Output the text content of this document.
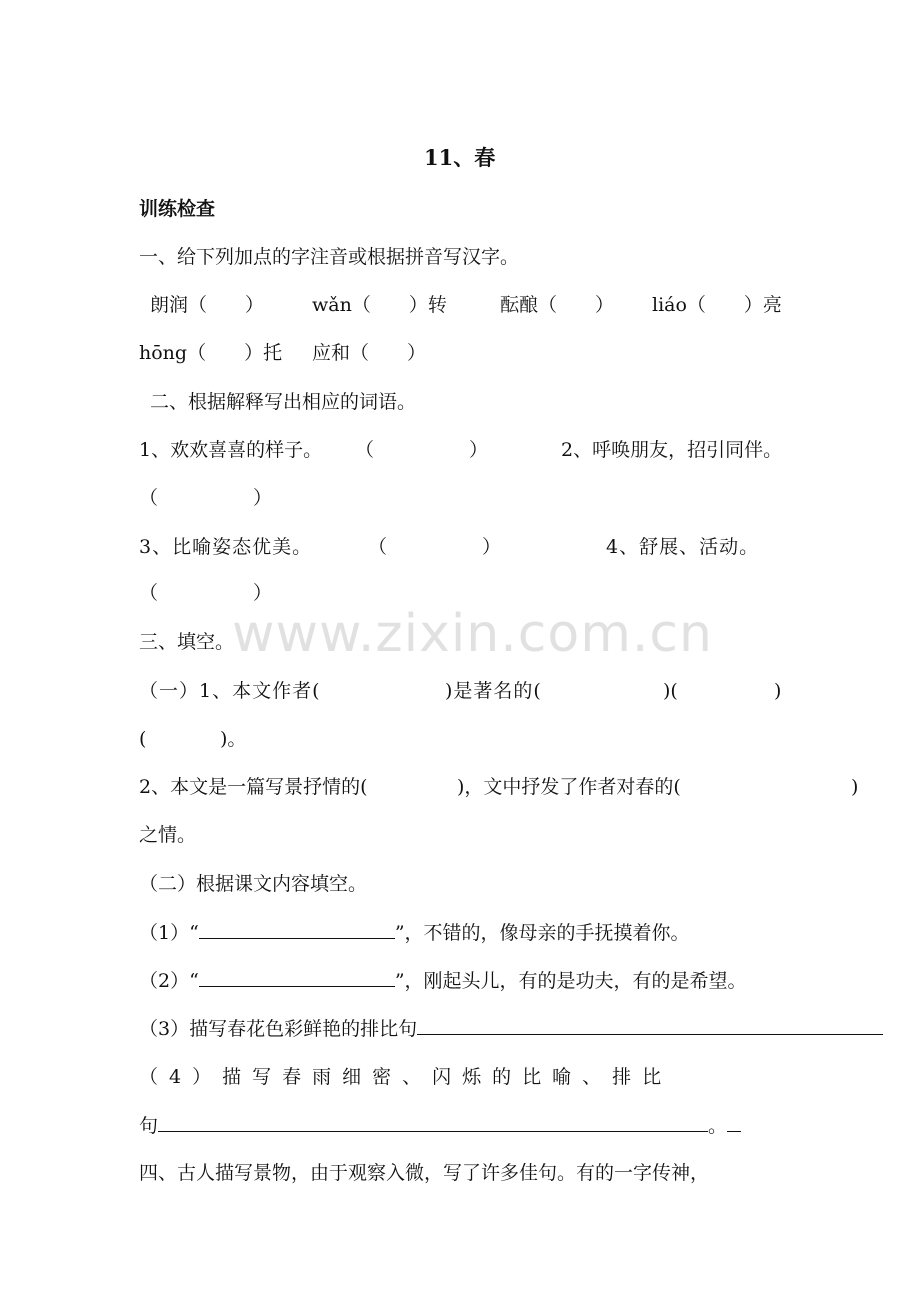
11、春
训练检查
一、给下列加点的字注音或根据拼音写汉字。
朗润（　　）	wǎn（　　）转	酝酿（　　） liáo（　　）亮
hōng（　　）托 应和（　　）
二、根据解释写出相应的词语。
1、欢欢喜喜的样子。 （　　　　　）	2、呼唤朋友，招引同伴。
（　　　　　）
3、比喻姿态优美。	（　　　　　）	4、舒展、活动。
（　　　　　）
www.zixin.com.cn
三、填空。
（一）1、本文作者(	)是著名的(	)(	)
(	)。
2、本文是一篇写景抒情的(	)，文中抒发了作者对春的(	)
之情。
（二）根据课文内容填空。
（1）“	”，不错的，像母亲的手抚摸着你。
（2）“	”，刚起头儿，有的是功夫，有的是希望。
（3）描写春花色彩鲜艳的排比句
（4）描写春雨细密、闪烁的比喻、排比
句	。
四、古人描写景物，由于观察入微，写了许多佳句。有的一字传神，
